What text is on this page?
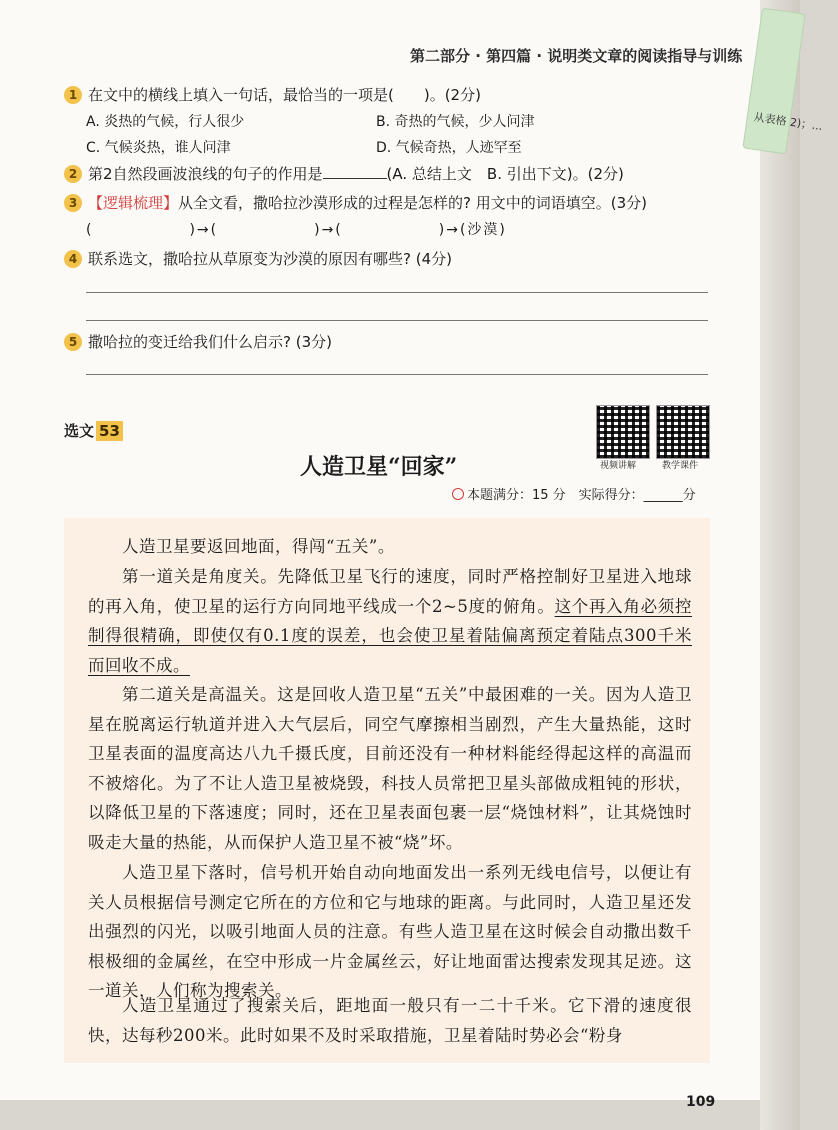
第二部分 · 第四篇 · 说明类文章的阅读指导与训练
1 在文中的横线上填入一句话，最恰当的一项是(　　)。(2分)
A. 炎热的气候，行人很少	B. 奇热的气候，少人问津
C. 气候炎热，谁人问津	D. 气候奇热，人迹罕至
2 第2自然段画波浪线的句子的作用是	(A. 总结上文　B. 引出下文)。(2分)
3 【逻辑梳理】从全文看，撒哈拉沙漠形成的过程是怎样的? 用文中的词语填空。(3分)
(　　　　　　)→(　　　　　　)→(　　　　　　)→(沙漠)
4 联系选文，撒哈拉从草原变为沙漠的原因有哪些? (4分)
5 撒哈拉的变迁给我们什么启示? (3分)
选文 53
人造卫星“回家”	视频讲解	教学课件
本题满分：15 分　实际得分：______分
人造卫星要返回地面，得闯“五关”。
第一道关是角度关。先降低卫星飞行的速度，同时严格控制好卫星进入地球的再入角，使卫星的运行方向同地平线成一个2~5度的俯角。这个再入角必须控制得很精确，即使仅有0.1度的误差，也会使卫星着陆偏离预定着陆点300千米而回收不成。
第二道关是高温关。这是回收人造卫星“五关”中最困难的一关。因为人造卫星在脱离运行轨道并进入大气层后，同空气摩擦相当剧烈，产生大量热能，这时卫星表面的温度高达八九千摄氏度，目前还没有一种材料能经得起这样的高温而不被熔化。为了不让人造卫星被烧毁，科技人员常把卫星头部做成粗钝的形状，以降低卫星的下落速度；同时，还在卫星表面包裹一层“烧蚀材料”，让其烧蚀时吸走大量的热能，从而保护人造卫星不被“烧”坏。
人造卫星下落时，信号机开始自动向地面发出一系列无线电信号，以便让有关人员根据信号测定它所在的方位和它与地球的距离。与此同时，人造卫星还发出强烈的闪光，以吸引地面人员的注意。有些人造卫星在这时候会自动撒出数千根极细的金属丝，在空中形成一片金属丝云，好让地面雷达搜索发现其足迹。这一道关，人们称为搜索关。
人造卫星通过了搜索关后，距地面一般只有一二十千米。它下滑的速度很快，达每秒200米。此时如果不及时采取措施，卫星着陆时势必会“粉身
109
从表格 2)；...
